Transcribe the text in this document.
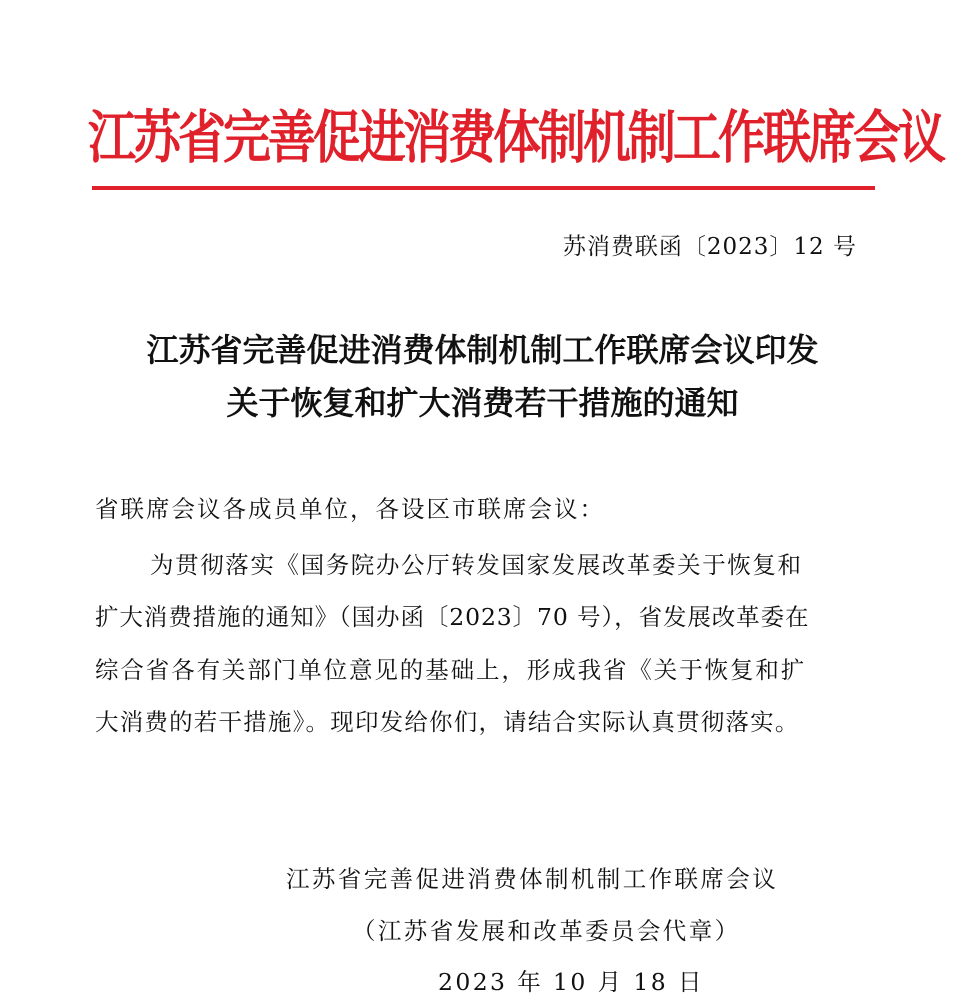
江苏省完善促进消费体制机制工作联席会议
苏消费联函〔2023〕12 号
江苏省完善促进消费体制机制工作联席会议印发
关于恢复和扩大消费若干措施的通知
省联席会议各成员单位，各设区市联席会议：
为贯彻落实《国务院办公厅转发国家发展改革委关于恢复和
扩大消费措施的通知》（国办函〔2023〕70 号），省发展改革委在
综合省各有关部门单位意见的基础上，形成我省《关于恢复和扩
大消费的若干措施》。现印发给你们，请结合实际认真贯彻落实。
江苏省完善促进消费体制机制工作联席会议
（江苏省发展和改革委员会代章）
2023 年 10 月 18 日
